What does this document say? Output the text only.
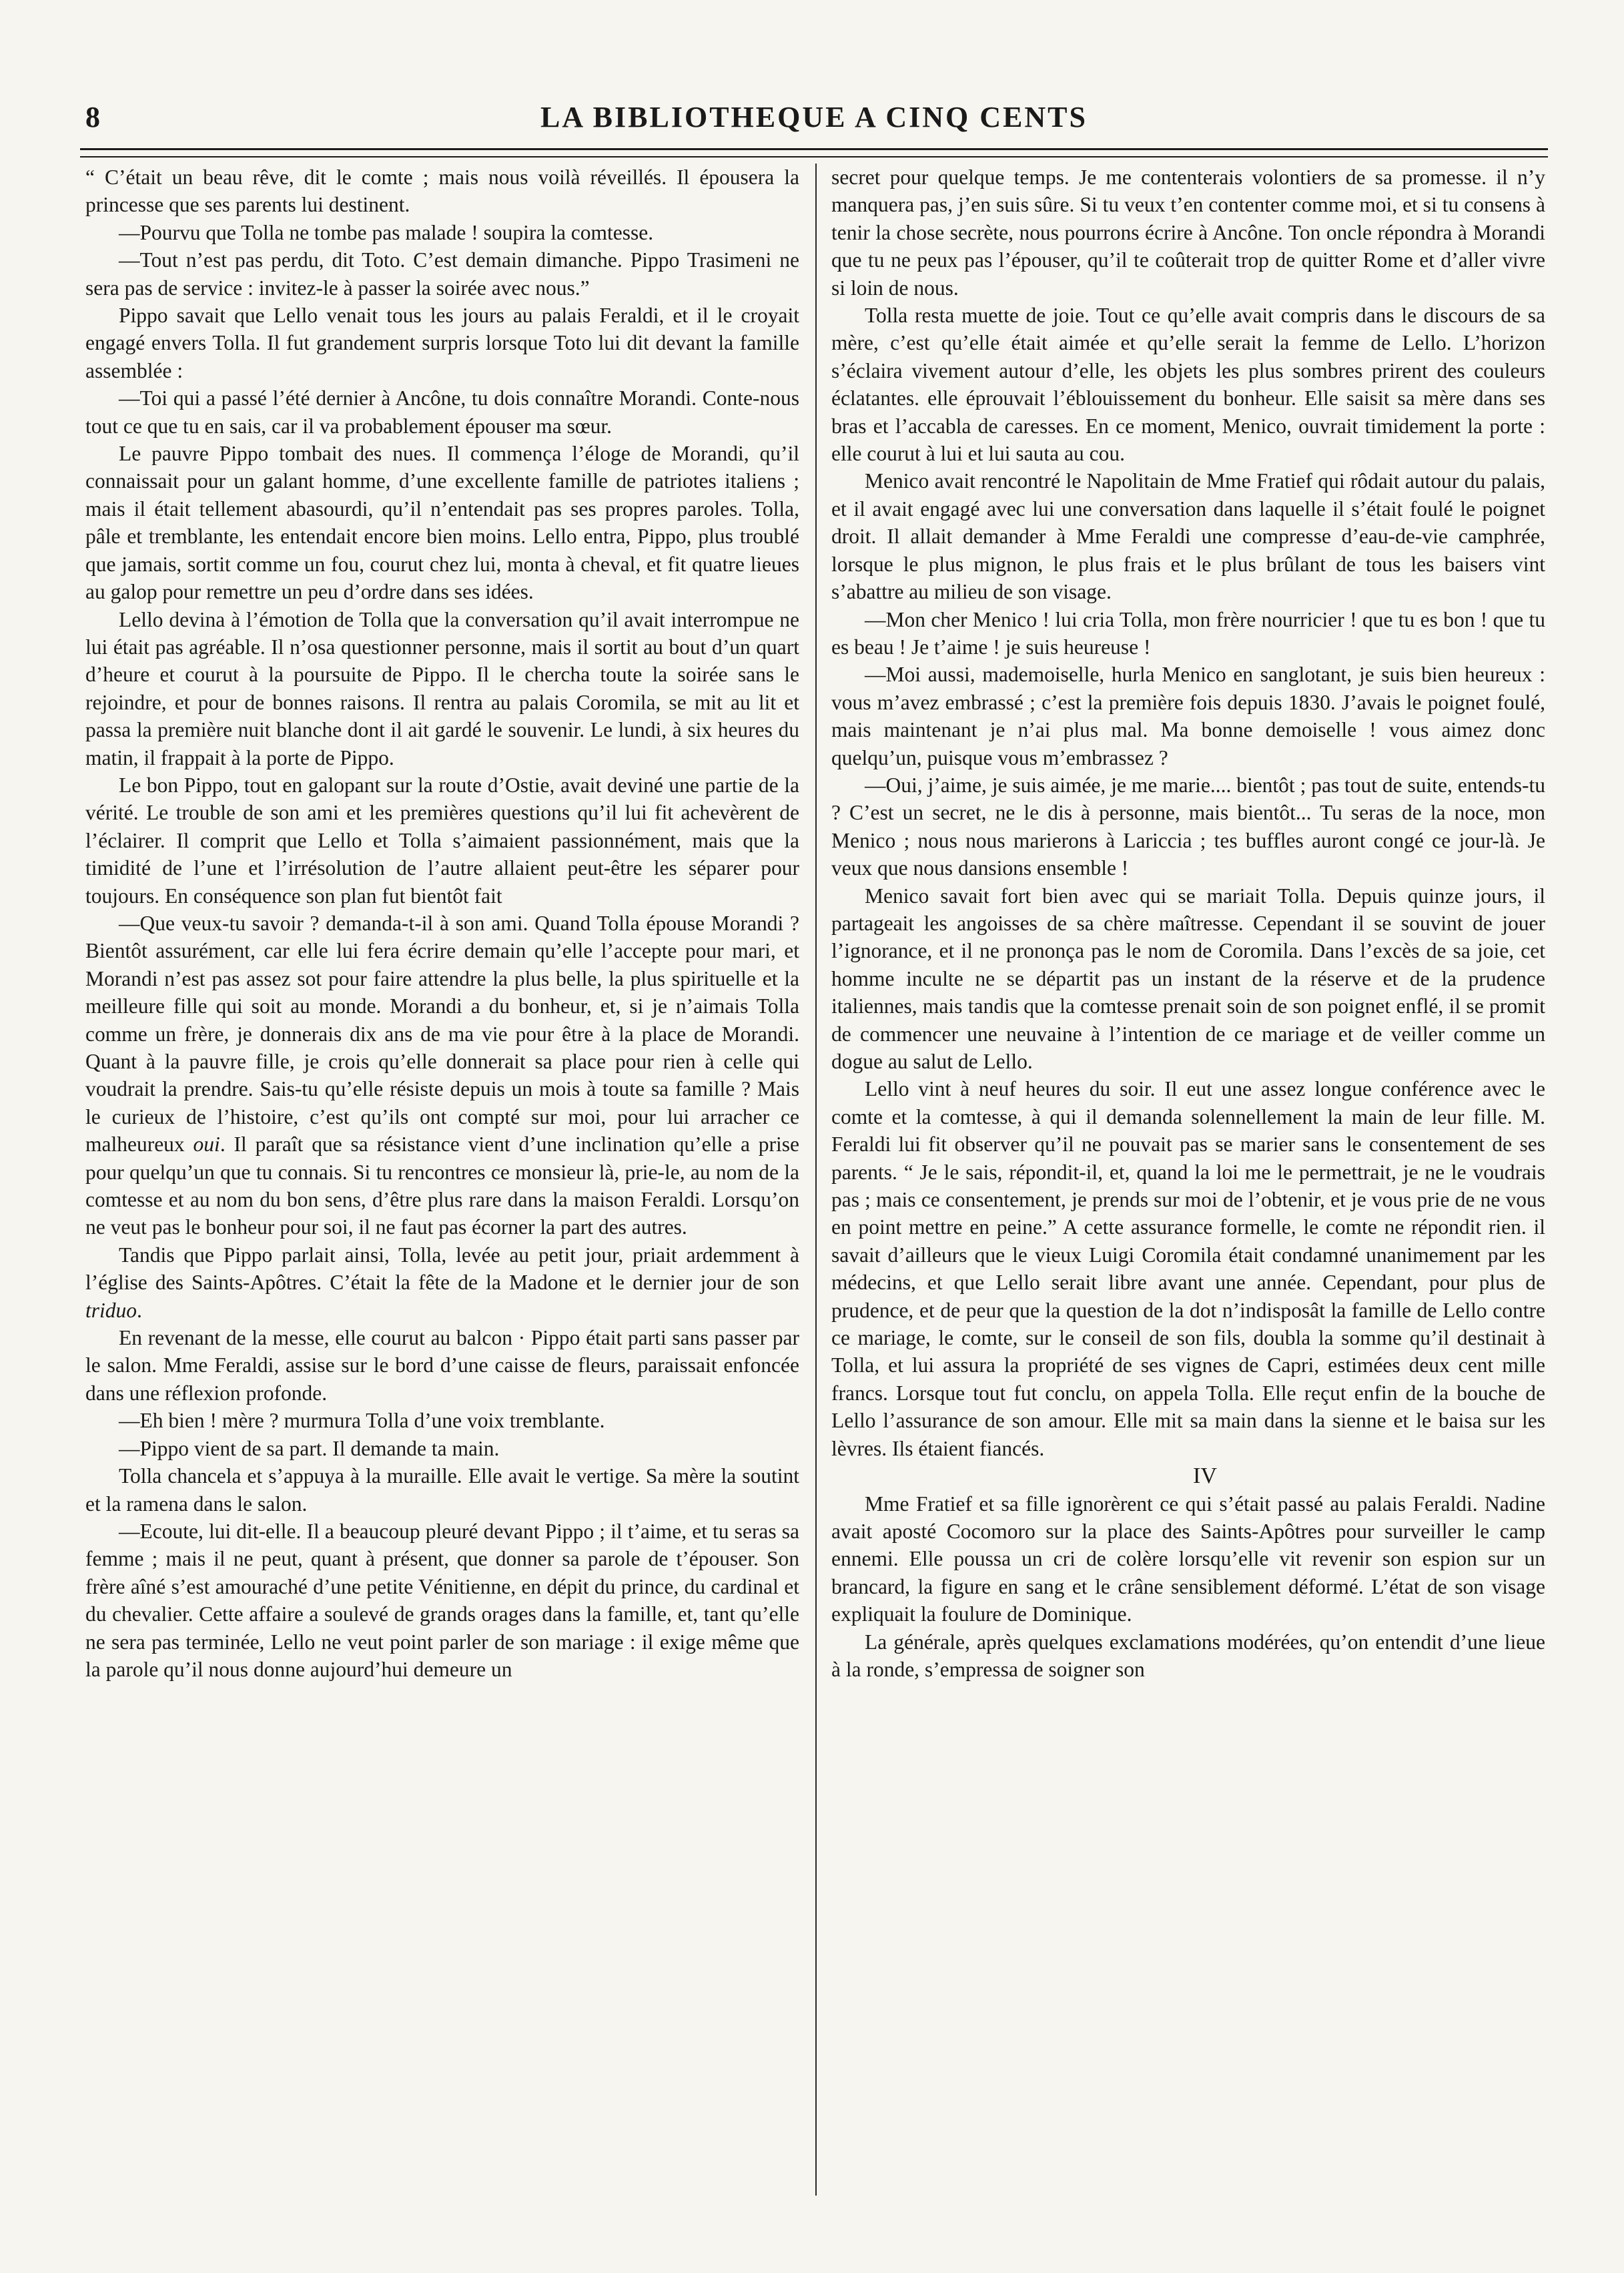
8	LA BIBLIOTHEQUE A CINQ CENTS

“ C’était un beau rêve, dit le comte ; mais nous voilà réveillés. Il épousera la princesse que ses parents lui destinent.

—Pourvu que Tolla ne tombe pas malade ! soupira la comtesse.

—Tout n’est pas perdu, dit Toto. C’est demain dimanche. Pippo Trasimeni ne sera pas de service : invitez-le à passer la soirée avec nous.”

Pippo savait que Lello venait tous les jours au palais Feraldi, et il le croyait engagé envers Tolla. Il fut grandement surpris lorsque Toto lui dit devant la famille assemblée :

—Toi qui a passé l’été dernier à Ancône, tu dois connaître Morandi. Conte-nous tout ce que tu en sais, car il va probablement épouser ma sœur.

Le pauvre Pippo tombait des nues. Il commença l’éloge de Morandi, qu’il connaissait pour un galant homme, d’une excellente famille de patriotes italiens ; mais il était tellement abasourdi, qu’il n’entendait pas ses propres paroles. Tolla, pâle et tremblante, les entendait encore bien moins. Lello entra, Pippo, plus troublé que jamais, sortit comme un fou, courut chez lui, monta à cheval, et fit quatre lieues au galop pour remettre un peu d’ordre dans ses idées.

Lello devina à l’émotion de Tolla que la conversation qu’il avait interrompue ne lui était pas agréable. Il n’osa questionner personne, mais il sortit au bout d’un quart d’heure et courut à la poursuite de Pippo. Il le chercha toute la soirée sans le rejoindre, et pour de bonnes raisons. Il rentra au palais Coromila, se mit au lit et passa la première nuit blanche dont il ait gardé le souvenir. Le lundi, à six heures du matin, il frappait à la porte de Pippo.

Le bon Pippo, tout en galopant sur la route d’Ostie, avait deviné une partie de la vérité. Le trouble de son ami et les premières questions qu’il lui fit achevèrent de l’éclairer. Il comprit que Lello et Tolla s’aimaient passionnément, mais que la timidité de l’une et l’irrésolution de l’autre allaient peut-être les séparer pour toujours. En conséquence son plan fut bientôt fait

—Que veux-tu savoir ? demanda-t-il à son ami. Quand Tolla épouse Morandi ? Bientôt assurément, car elle lui fera écrire demain qu’elle l’accepte pour mari, et Morandi n’est pas assez sot pour faire attendre la plus belle, la plus spirituelle et la meilleure fille qui soit au monde. Morandi a du bonheur, et, si je n’aimais Tolla comme un frère, je donnerais dix ans de ma vie pour être à la place de Morandi. Quant à la pauvre fille, je crois qu’elle donnerait sa place pour rien à celle qui voudrait la prendre. Sais-tu qu’elle résiste depuis un mois à toute sa famille ? Mais le curieux de l’histoire, c’est qu’ils ont compté sur moi, pour lui arracher ce malheureux oui. Il paraît que sa résistance vient d’une inclination qu’elle a prise pour quelqu’un que tu connais. Si tu rencontres ce monsieur là, prie-le, au nom de la comtesse et au nom du bon sens, d’être plus rare dans la maison Feraldi. Lorsqu’on ne veut pas le bonheur pour soi, il ne faut pas écorner la part des autres.

Tandis que Pippo parlait ainsi, Tolla, levée au petit jour, priait ardemment à l’église des Saints-Apôtres. C’était la fête de la Madone et le dernier jour de son triduo.

En revenant de la messe, elle courut au balcon · Pippo était parti sans passer par le salon. Mme Feraldi, assise sur le bord d’une caisse de fleurs, paraissait enfoncée dans une réflexion profonde.

—Eh bien ! mère ? murmura Tolla d’une voix tremblante.

—Pippo vient de sa part. Il demande ta main.

Tolla chancela et s’appuya à la muraille. Elle avait le vertige. Sa mère la soutint et la ramena dans le salon.

—Ecoute, lui dit-elle. Il a beaucoup pleuré devant Pippo ; il t’aime, et tu seras sa femme ; mais il ne peut, quant à présent, que donner sa parole de t’épouser. Son frère aîné s’est amouraché d’une petite Vénitienne, en dépit du prince, du cardinal et du chevalier. Cette affaire a soulevé de grands orages dans la famille, et, tant qu’elle ne sera pas terminée, Lello ne veut point parler de son mariage : il exige même que la parole qu’il nous donne aujourd’hui demeure un

secret pour quelque temps. Je me contenterais volontiers de sa promesse. il n’y manquera pas, j’en suis sûre. Si tu veux t’en contenter comme moi, et si tu consens à tenir la chose secrète, nous pourrons écrire à Ancône. Ton oncle répondra à Morandi que tu ne peux pas l’épouser, qu’il te coûterait trop de quitter Rome et d’aller vivre si loin de nous.

Tolla resta muette de joie. Tout ce qu’elle avait compris dans le discours de sa mère, c’est qu’elle était aimée et qu’elle serait la femme de Lello. L’horizon s’éclaira vivement autour d’elle, les objets les plus sombres prirent des couleurs éclatantes. elle éprouvait l’éblouissement du bonheur. Elle saisit sa mère dans ses bras et l’accabla de caresses. En ce moment, Menico, ouvrait timidement la porte : elle courut à lui et lui sauta au cou.

Menico avait rencontré le Napolitain de Mme Fratief qui rôdait autour du palais, et il avait engagé avec lui une conversation dans laquelle il s’était foulé le poignet droit. Il allait demander à Mme Feraldi une compresse d’eau-de-vie camphrée, lorsque le plus mignon, le plus frais et le plus brûlant de tous les baisers vint s’abattre au milieu de son visage.

—Mon cher Menico ! lui cria Tolla, mon frère nourricier ! que tu es bon ! que tu es beau ! Je t’aime ! je suis heureuse !

—Moi aussi, mademoiselle, hurla Menico en sanglotant, je suis bien heureux : vous m’avez embrassé ; c’est la première fois depuis 1830. J’avais le poignet foulé, mais maintenant je n’ai plus mal. Ma bonne demoiselle ! vous aimez donc quelqu’un, puisque vous m’embrassez ?

—Oui, j’aime, je suis aimée, je me marie.... bientôt ; pas tout de suite, entends-tu ? C’est un secret, ne le dis à personne, mais bientôt... Tu seras de la noce, mon Menico ; nous nous marierons à Lariccia ; tes buffles auront congé ce jour-là. Je veux que nous dansions ensemble !

Menico savait fort bien avec qui se mariait Tolla. Depuis quinze jours, il partageait les angoisses de sa chère maîtresse. Cependant il se souvint de jouer l’ignorance, et il ne prononça pas le nom de Coromila. Dans l’excès de sa joie, cet homme inculte ne se départit pas un instant de la réserve et de la prudence italiennes, mais tandis que la comtesse prenait soin de son poignet enflé, il se promit de commencer une neuvaine à l’intention de ce mariage et de veiller comme un dogue au salut de Lello.

Lello vint à neuf heures du soir. Il eut une assez longue conférence avec le comte et la comtesse, à qui il demanda solennellement la main de leur fille. M. Feraldi lui fit observer qu’il ne pouvait pas se marier sans le consentement de ses parents. “ Je le sais, répondit-il, et, quand la loi me le permettrait, je ne le voudrais pas ; mais ce consentement, je prends sur moi de l’obtenir, et je vous prie de ne vous en point mettre en peine.” A cette assurance formelle, le comte ne répondit rien. il savait d’ailleurs que le vieux Luigi Coromila était condamné unanimement par les médecins, et que Lello serait libre avant une année. Cependant, pour plus de prudence, et de peur que la question de la dot n’indisposât la famille de Lello contre ce mariage, le comte, sur le conseil de son fils, doubla la somme qu’il destinait à Tolla, et lui assura la propriété de ses vignes de Capri, estimées deux cent mille francs. Lorsque tout fut conclu, on appela Tolla. Elle reçut enfin de la bouche de Lello l’assurance de son amour. Elle mit sa main dans la sienne et le baisa sur les lèvres. Ils étaient fiancés.

IV

Mme Fratief et sa fille ignorèrent ce qui s’était passé au palais Feraldi. Nadine avait aposté Cocomoro sur la place des Saints-Apôtres pour surveiller le camp ennemi. Elle poussa un cri de colère lorsqu’elle vit revenir son espion sur un brancard, la figure en sang et le crâne sensiblement déformé. L’état de son visage expliquait la foulure de Dominique.

La générale, après quelques exclamations modérées, qu’on entendit d’une lieue à la ronde, s’empressa de soigner son
